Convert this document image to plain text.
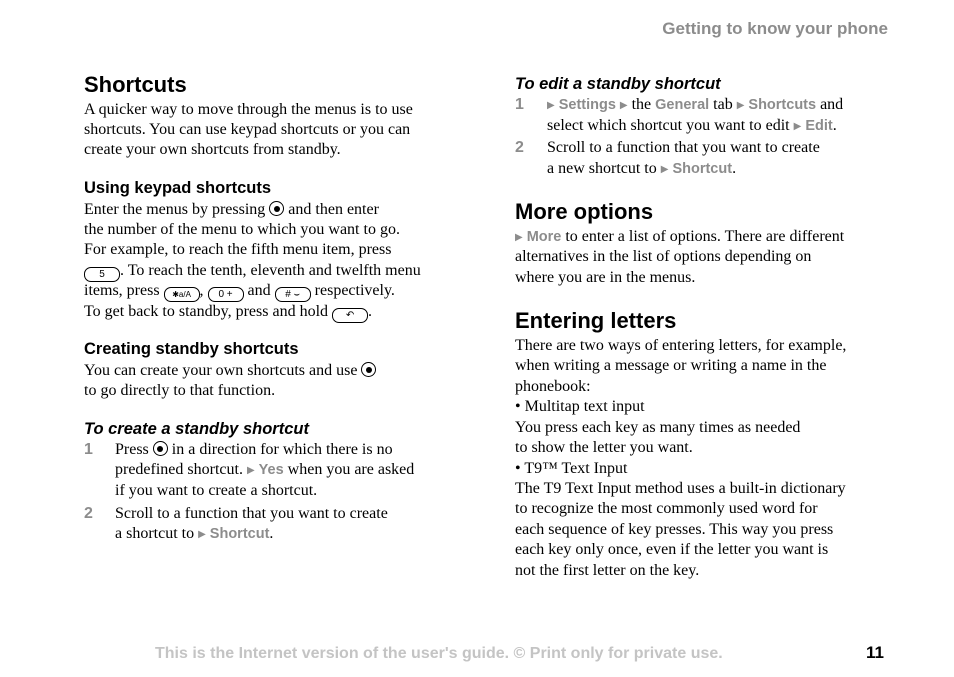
Getting to know your phone
Shortcuts
A quicker way to move through the menus is to use
shortcuts. You can use keypad shortcuts or you can
create your own shortcuts from standby.
Using keypad shortcuts
Enter the menus by pressing and then enter
the number of the menu to which you want to go.
For example, to reach the fifth menu item, press
5 . To reach the tenth, eleventh and twelfth menu
items, press ✱a/A , 0 + and # ⌣ respectively.
To get back to standby, press and hold ↶ .
Creating standby shortcuts
You can create your own shortcuts and use
to go directly to that function.
To create a standby shortcut
1 Press in a direction for which there is no
predefined shortcut. ▶ Yes when you are asked
if you want to create a shortcut.
2 Scroll to a function that you want to create
a shortcut to ▶ Shortcut.
To edit a standby shortcut
1 ▶ Settings ▶ the General tab ▶ Shortcuts and
select which shortcut you want to edit ▶ Edit.
2 Scroll to a function that you want to create
a new shortcut to ▶ Shortcut.
More options
▶ More to enter a list of options. There are different
alternatives in the list of options depending on
where you are in the menus.
Entering letters
There are two ways of entering letters, for example,
when writing a message or writing a name in the
phonebook:
• Multitap text input
You press each key as many times as needed
to show the letter you want.
• T9™ Text Input
The T9 Text Input method uses a built-in dictionary
to recognize the most commonly used word for
each sequence of key presses. This way you press
each key only once, even if the letter you want is
not the first letter on the key.
This is the Internet version of the user's guide. © Print only for private use.	11
